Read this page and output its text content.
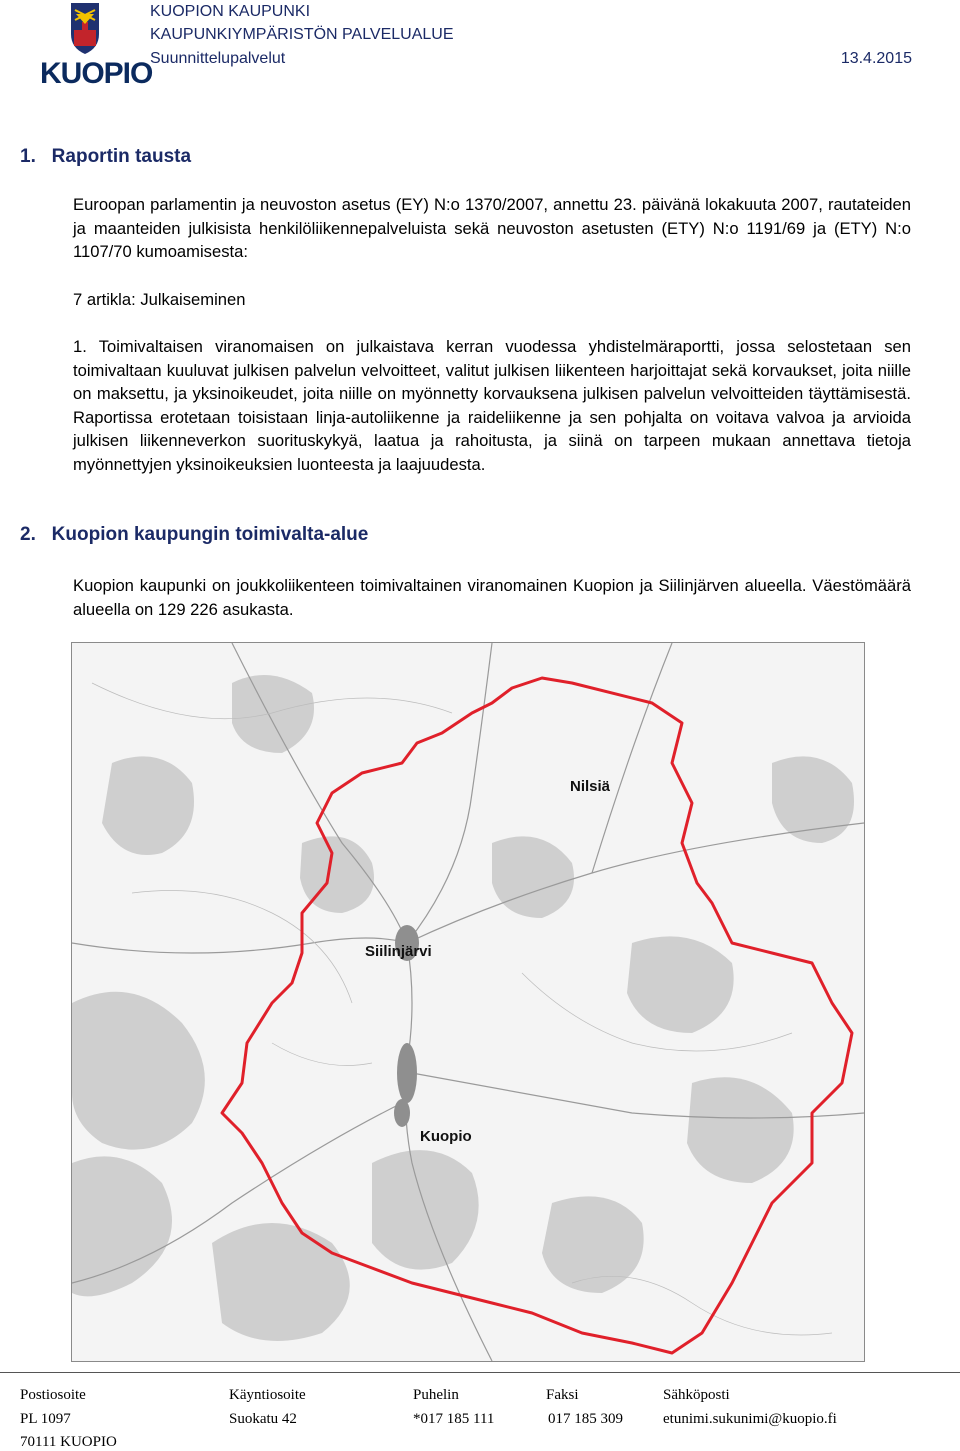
KUOPIO
KUOPION KAUPUNKI
KAUPUNKIYMPÄRISTÖN PALVELUALUE
Suunnittelupalvelut	13.4.2015
1.   Raportin tausta
Euroopan parlamentin ja neuvoston asetus (EY) N:o 1370/2007, annettu 23. päivänä lokakuuta 2007, rautateiden ja maanteiden julkisista henkilöliikennepalveluista sekä neuvoston asetusten (ETY) N:o 1191/69 ja (ETY) N:o 1107/70 kumoamisesta:
7 artikla: Julkaiseminen
1. Toimivaltaisen viranomaisen on julkaistava kerran vuodessa yhdistelmäraportti, jossa selostetaan sen toimivaltaan kuuluvat julkisen palvelun velvoitteet, valitut julkisen liikenteen harjoittajat sekä korvaukset, joita niille on maksettu, ja yksinoikeudet, joita niille on myönnetty korvauksena julkisen palvelun velvoitteiden täyttämisestä. Raportissa erotetaan toisistaan linja-autoliikenne ja raideliikenne ja sen pohjalta on voitava valvoa ja arvioida julkisen liikenneverkon suorituskykyä, laatua ja rahoitusta, ja siinä on tarpeen mukaan annettava tietoja myönnettyjen yksinoikeuksien luonteesta ja laajuudesta.
2.   Kuopion kaupungin toimivalta-alue
Kuopion kaupunki on joukkoliikenteen toimivaltainen viranomainen Kuopion ja Siilinjärven alueella. Väestömäärä alueella on 129 226 asukasta.
Nilsiä
Siilinjärvi
Kuopio
Postiosoite
PL 1097
70111 KUOPIO
Käyntiosoite
Suokatu 42
Puhelin
*017 185 111
Faksi
017 185 309
Sähköposti
etunimi.sukunimi@kuopio.fi
